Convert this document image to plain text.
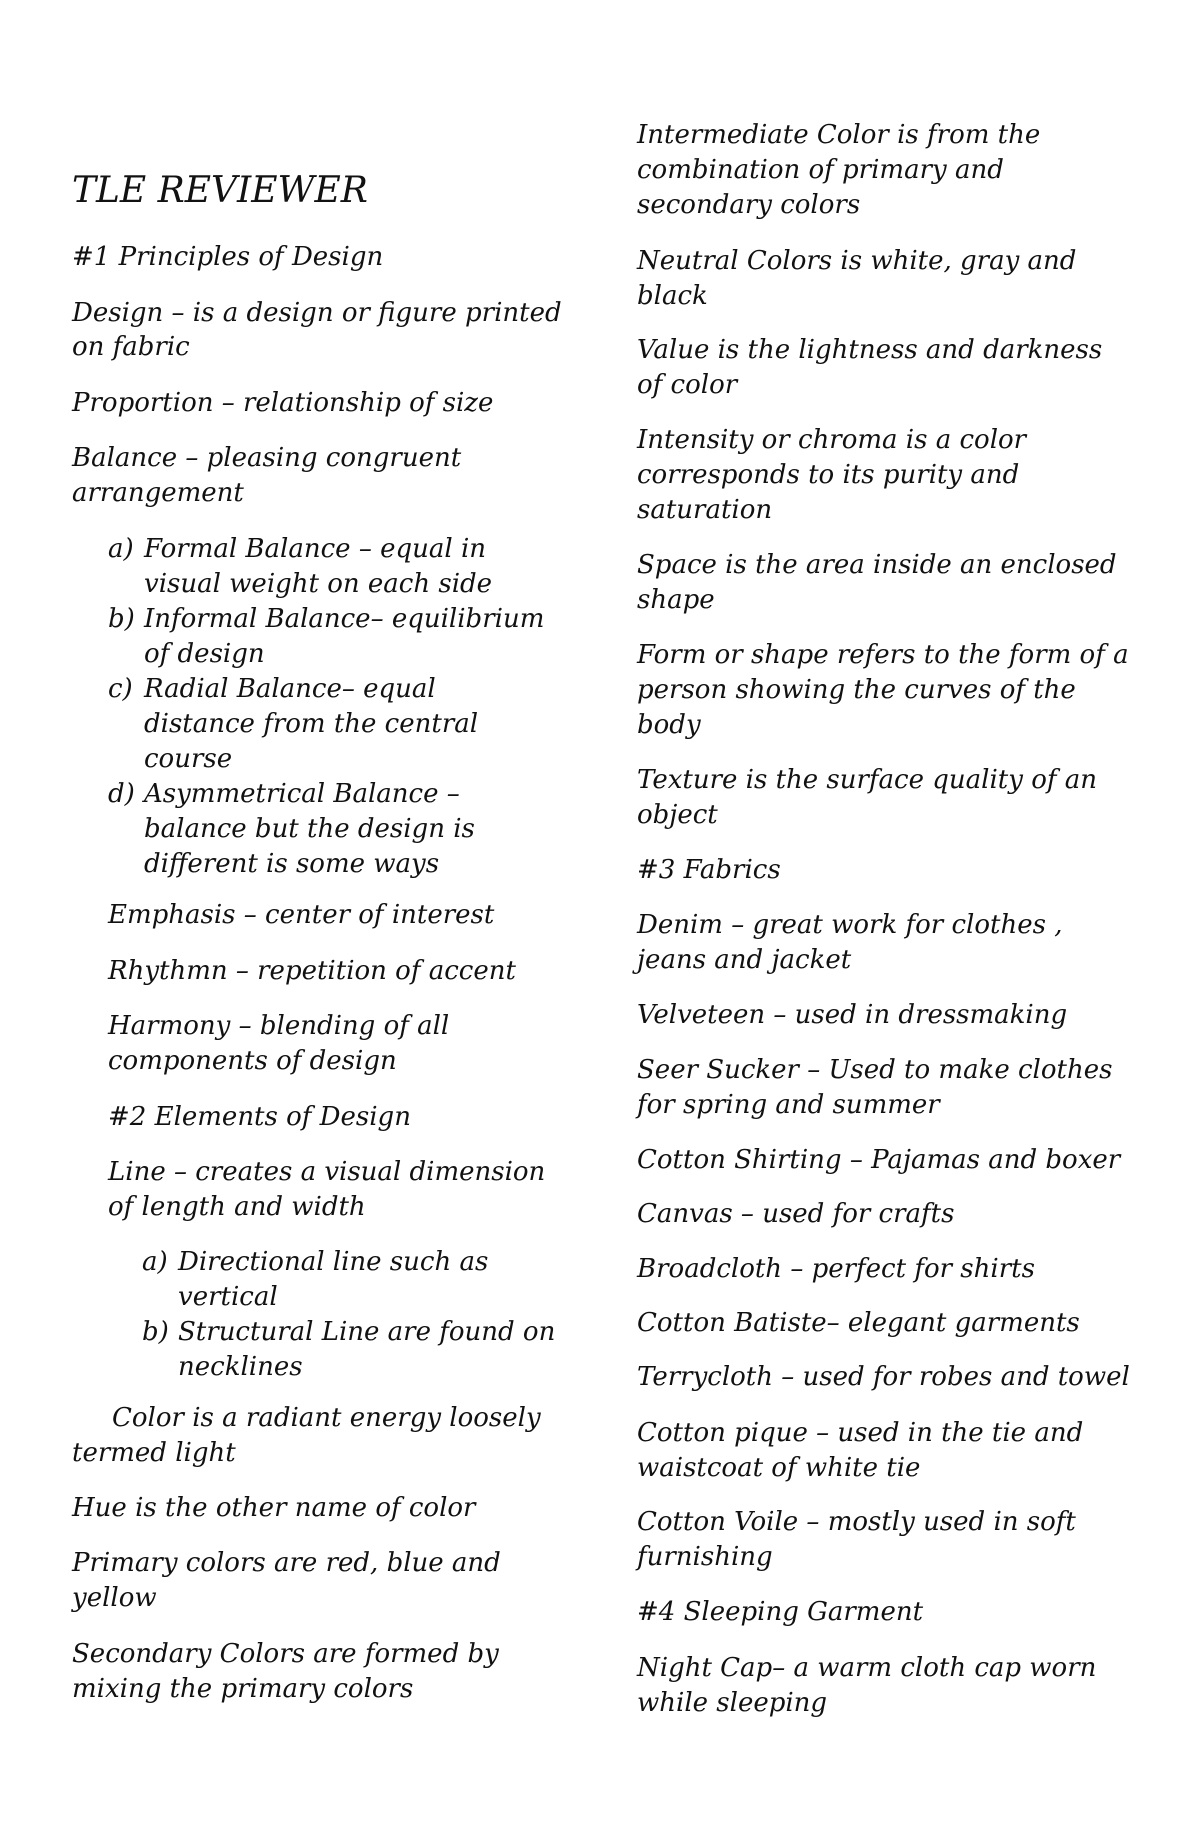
TLE REVIEWER

#1 Principles of Design

Design – is a design or figure printed

on fabric

Proportion – relationship of size

Balance – pleasing congruent

arrangement

a) Formal Balance – equal in
visual weight on each side
b) Informal Balance– equilibrium
of design
c) Radial Balance– equal
distance from the central
course
d) Asymmetrical Balance –
balance but the design is
different is some ways

Emphasis – center of interest

Rhythmn – repetition of accent

Harmony – blending of all

components of design

#2 Elements of Design

Line – creates a visual dimension

of length and width

a) Directional line such as
vertical
b) Structural Line are found on
necklines

Color is a radiant energy loosely

termed light

Hue is the other name of color

Primary colors are red, blue and

yellow

Secondary Colors are formed by

mixing the primary colors

Intermediate Color is from the

combination of primary and

secondary colors

Neutral Colors is white, gray and

black

Value is the lightness and darkness

of color

Intensity or chroma is a color

corresponds to its purity and

saturation

Space is the area inside an enclosed

shape

Form or shape refers to the form of a

person showing the curves of the

body

Texture is the surface quality of an

object

#3 Fabrics

Denim – great work for clothes ,

jeans and jacket

Velveteen – used in dressmaking

Seer Sucker – Used to make clothes

for spring and summer

Cotton Shirting – Pajamas and boxer

Canvas – used for crafts

Broadcloth – perfect for shirts

Cotton Batiste– elegant garments

Terrycloth – used for robes and towel

Cotton pique – used in the tie and

waistcoat of white tie

Cotton Voile – mostly used in soft

furnishing

#4 Sleeping Garment

Night Cap– a warm cloth cap worn

while sleeping
